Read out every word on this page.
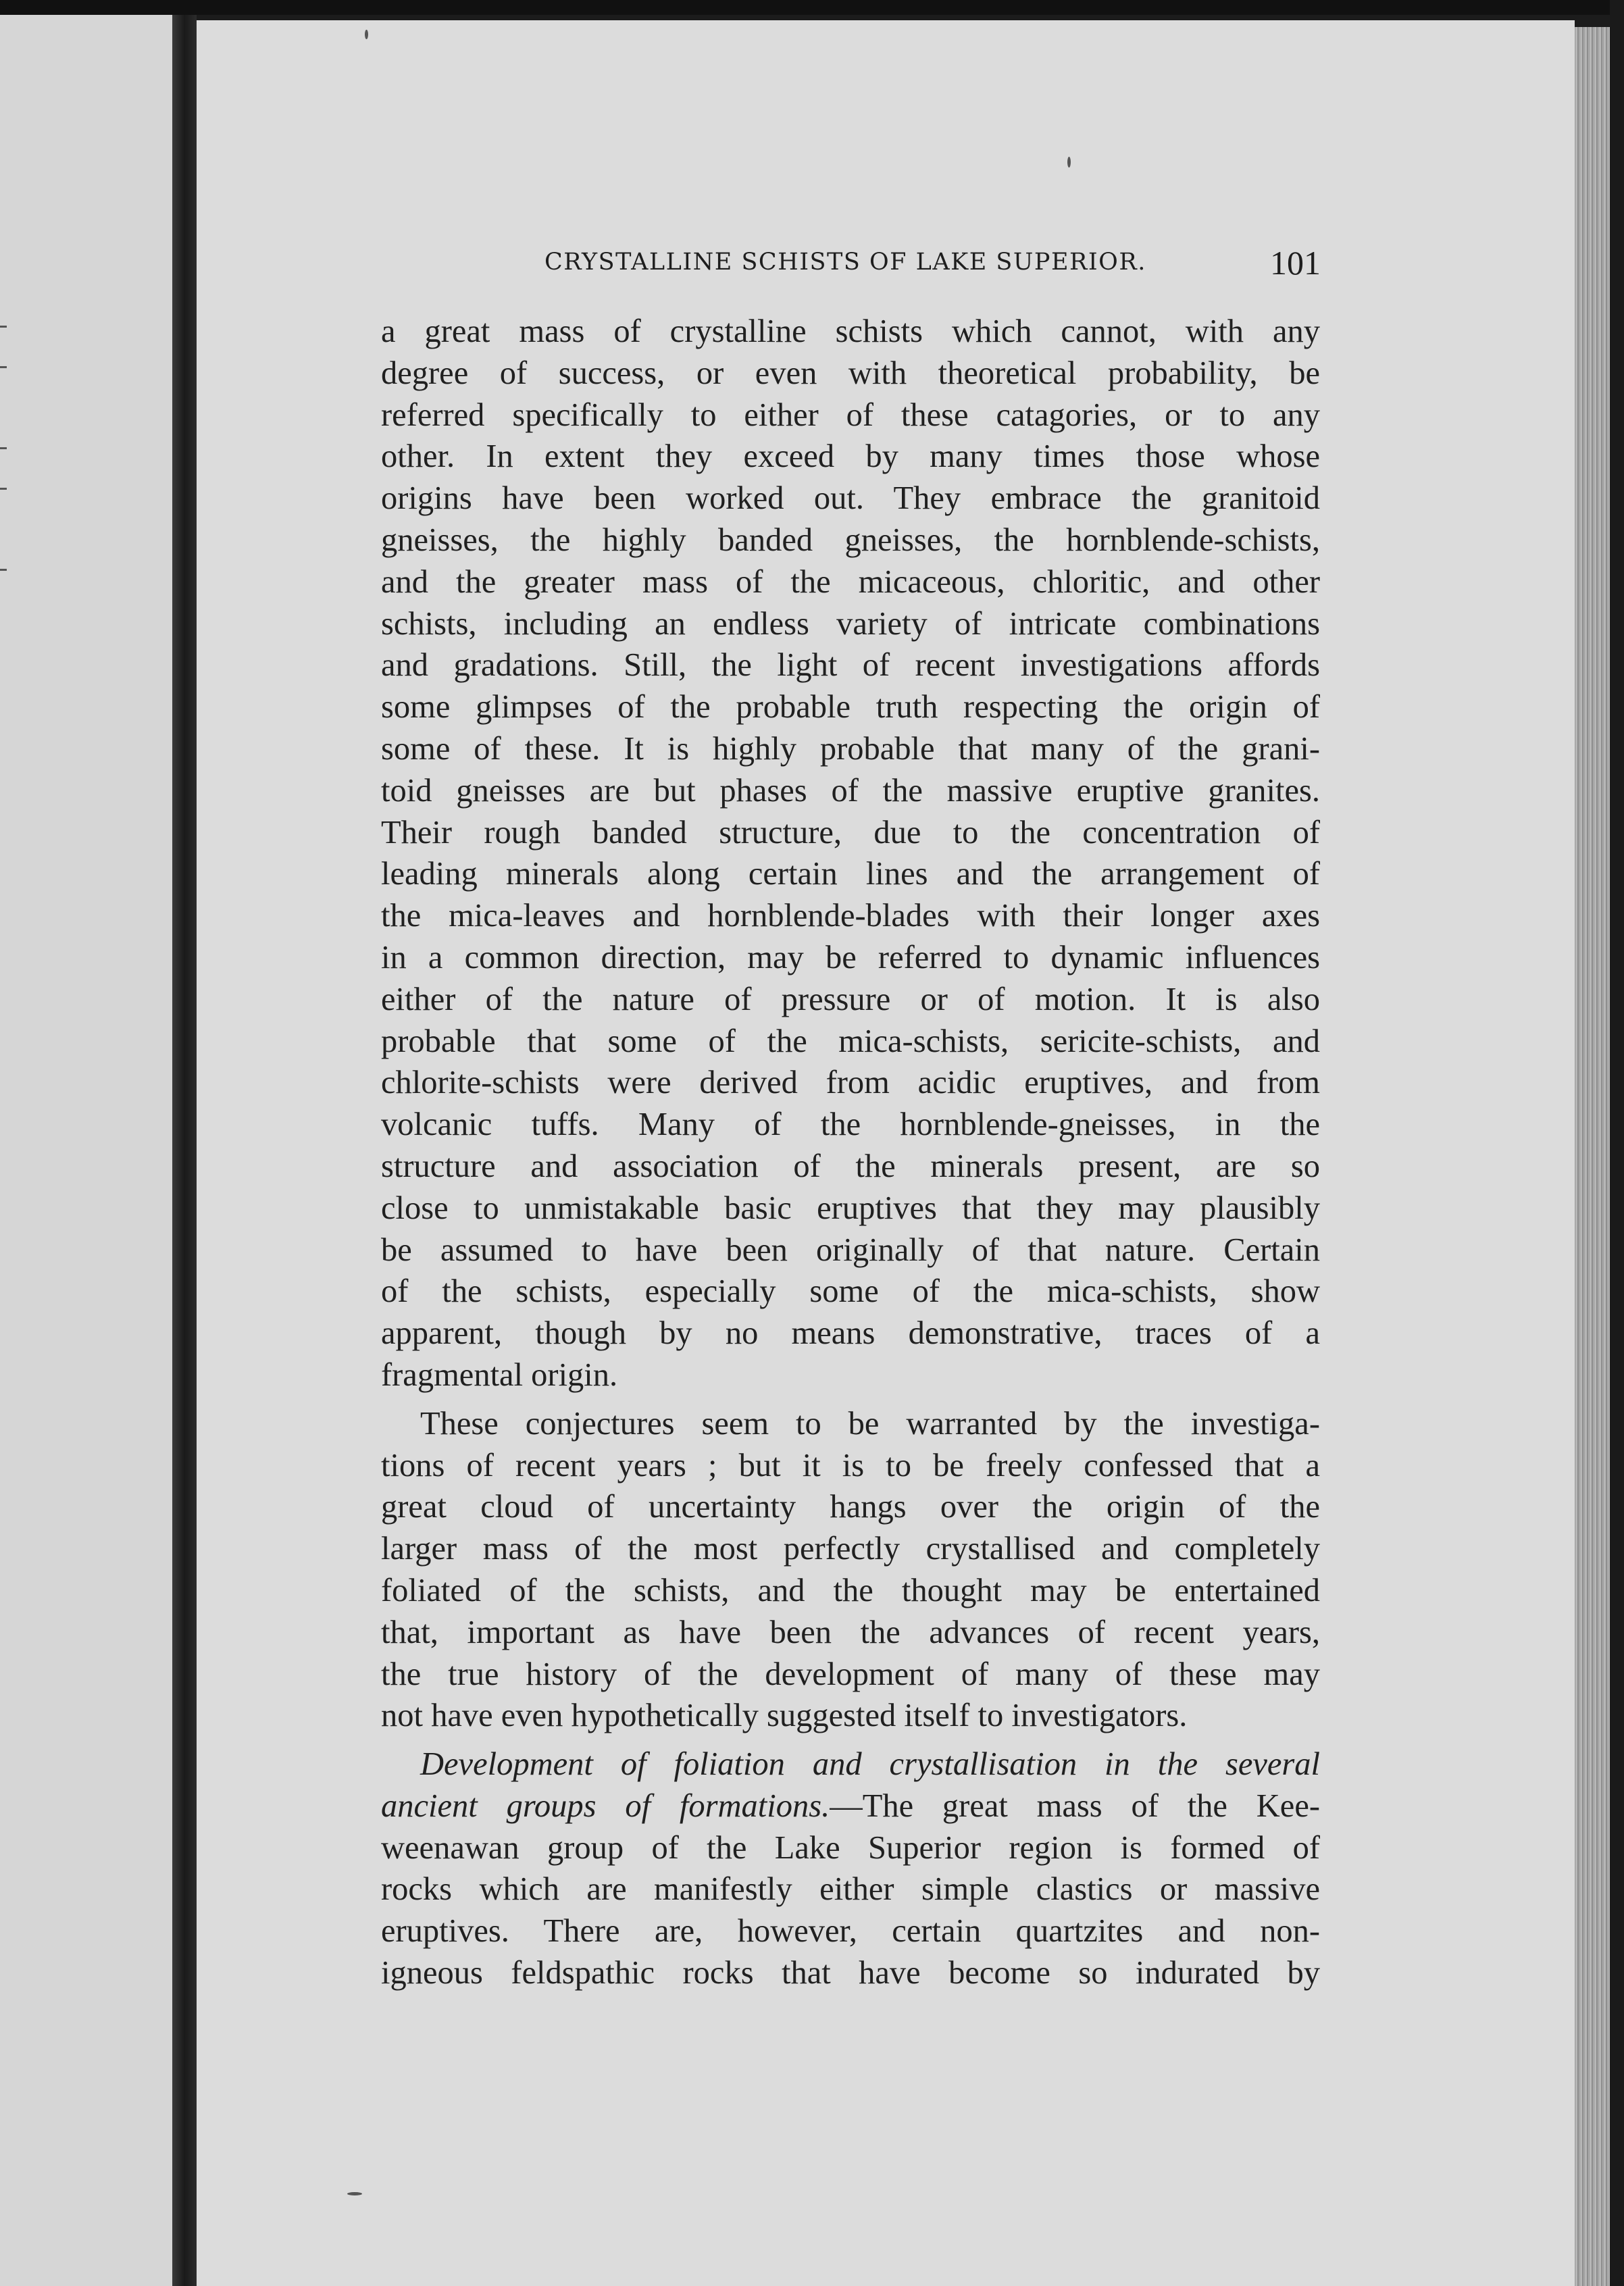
CRYSTALLINE SCHISTS OF LAKE SUPERIOR.	101
a great mass of crystalline schists which cannot, with any
degree of success, or even with theoretical probability, be
referred specifically to either of these catagories, or to any
other. In extent they exceed by many times those whose
origins have been worked out. They embrace the granitoid
gneisses, the highly banded gneisses, the hornblende-schists,
and the greater mass of the micaceous, chloritic, and other
schists, including an endless variety of intricate combinations
and gradations. Still, the light of recent investigations affords
some glimpses of the probable truth respecting the origin of
some of these. It is highly probable that many of the grani-
toid gneisses are but phases of the massive eruptive granites.
Their rough banded structure, due to the concentration of
leading minerals along certain lines and the arrangement of
the mica-leaves and hornblende-blades with their longer axes
in a common direction, may be referred to dynamic influences
either of the nature of pressure or of motion. It is also
probable that some of the mica-schists, sericite-schists, and
chlorite-schists were derived from acidic eruptives, and from
volcanic tuffs. Many of the hornblende-gneisses, in the
structure and association of the minerals present, are so
close to unmistakable basic eruptives that they may plausibly
be assumed to have been originally of that nature. Certain
of the schists, especially some of the mica-schists, show
apparent, though by no means demonstrative, traces of a
fragmental origin.
These conjectures seem to be warranted by the investiga-
tions of recent years ; but it is to be freely confessed that a
great cloud of uncertainty hangs over the origin of the
larger mass of the most perfectly crystallised and completely
foliated of the schists, and the thought may be entertained
that, important as have been the advances of recent years,
the true history of the development of many of these may
not have even hypothetically suggested itself to investigators.
Development of foliation and crystallisation in the several
ancient groups of formations.—The great mass of the Kee-
weenawan group of the Lake Superior region is formed of
rocks which are manifestly either simple clastics or massive
eruptives. There are, however, certain quartzites and non-
igneous feldspathic rocks that have become so indurated by
